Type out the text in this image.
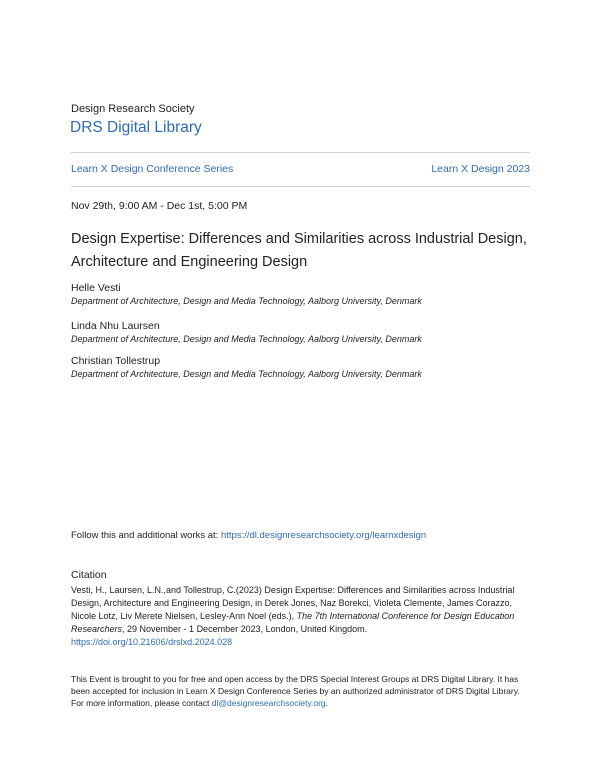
Design Research Society
DRS Digital Library
Learn X Design Conference Series	Learn X Design 2023
Nov 29th, 9:00 AM - Dec 1st, 5:00 PM
Design Expertise: Differences and Similarities across Industrial Design, Architecture and Engineering Design
Helle Vesti
Department of Architecture, Design and Media Technology, Aalborg University, Denmark
Linda Nhu Laursen
Department of Architecture, Design and Media Technology, Aalborg University, Denmark
Christian Tollestrup
Department of Architecture, Design and Media Technology, Aalborg University, Denmark
Follow this and additional works at: https://dl.designresearchsociety.org/learnxdesign
Citation
Vesti, H., Laursen, L.N.,and Tollestrup, C.(2023) Design Expertise: Differences and Similarities across Industrial Design, Architecture and Engineering Design, in Derek Jones, Naz Borekci, Violeta Clemente, James Corazzo, Nicole Lotz, Liv Merete Nielsen, Lesley-Ann Noel (eds.), The 7th International Conference for Design Education Researchers, 29 November - 1 December 2023, London, United Kingdom.
https://doi.org/10.21606/drslxd.2024.028
This Event is brought to you for free and open access by the DRS Special Interest Groups at DRS Digital Library. It has been accepted for inclusion in Learn X Design Conference Series by an authorized administrator of DRS Digital Library. For more information, please contact dl@designresearchsociety.org.
